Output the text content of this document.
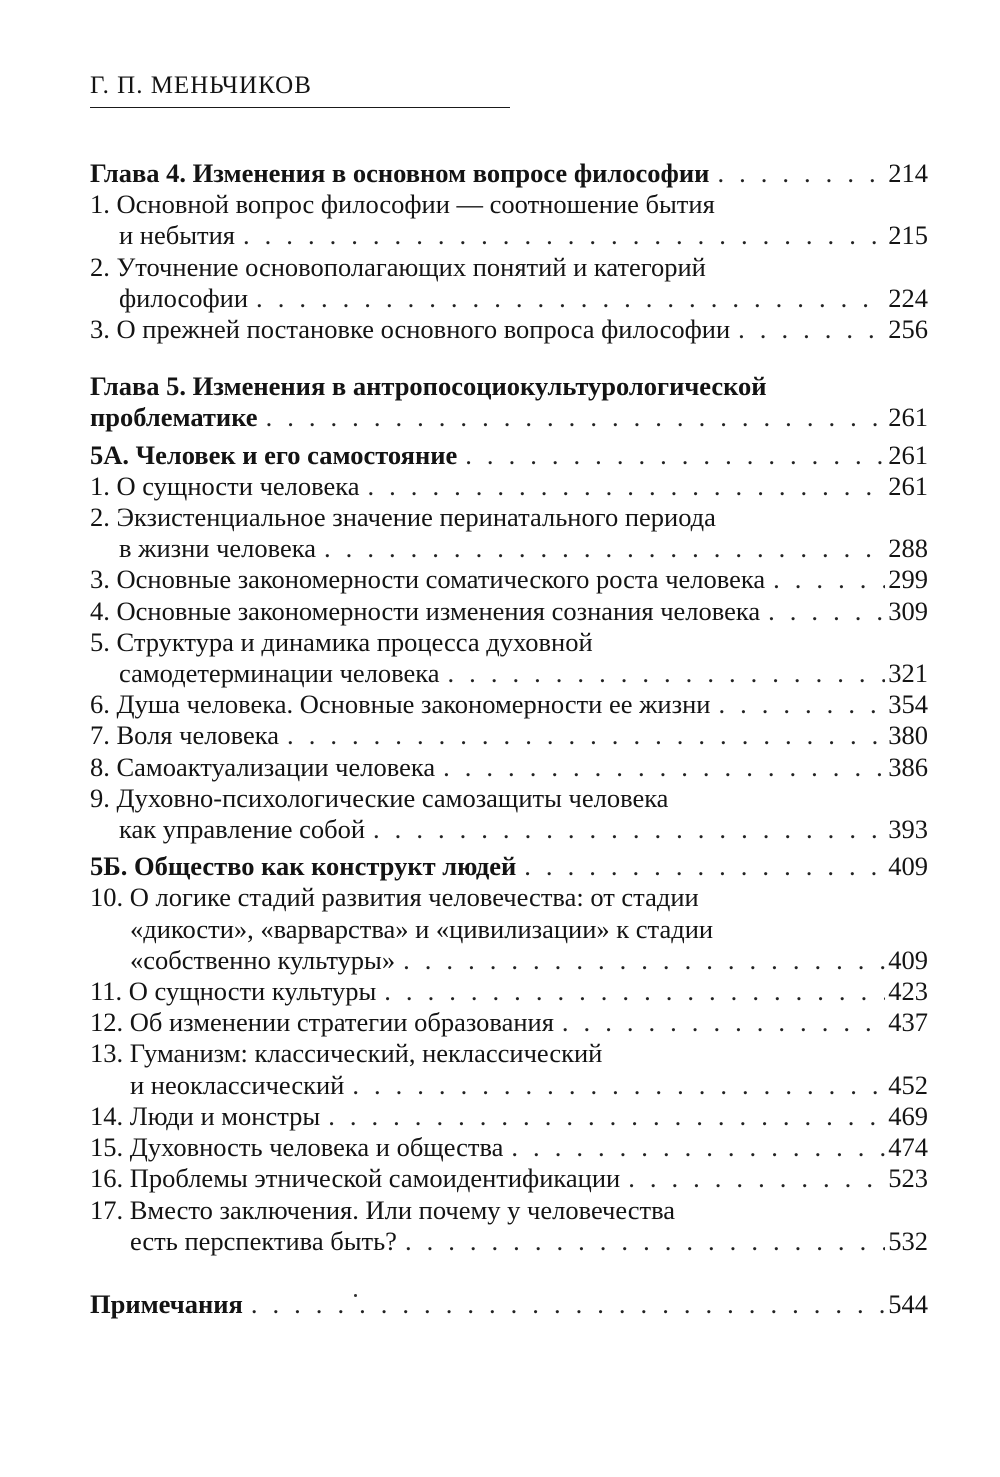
Г. П. МЕНЬЧИКОВ
Глава 4. Изменения в основном вопросе философии . . .	214
1. Основной вопрос философии — соотношение бытия
и небытия . . .	215
2. Уточнение основополагающих понятий и категорий
философии . . .	224
3. О прежней постановке основного вопроса философии . . .	256
Глава 5. Изменения в антропосоциокультурологической
проблематике . . .	261
5А. Человек и его самостояние . . .	261
1. О сущности человека . . .	261
2. Экзистенциальное значение перинатального периода
в жизни человека . . .	288
3. Основные закономерности соматического роста человека . . .	299
4. Основные закономерности изменения сознания человека . . .	309
5. Структура и динамика процесса духовной
самодетерминации человека . . .	321
6. Душа человека. Основные закономерности ее жизни . . .	354
7. Воля человека . . .	380
8. Самоактуализации человека . . .	386
9. Духовно-психологические самозащиты человека
как управление собой . . .	393
5Б. Общество как конструкт людей . . .	409
10. О логике стадий развития человечества: от стадии
«дикости», «варварства» и «цивилизации» к стадии
«собственно культуры» . . .	409
11. О сущности культуры . . .	423
12. Об изменении стратегии образования . . .	437
13. Гуманизм: классический, неклассический
и неоклассический . . .	452
14. Люди и монстры . . .	469
15. Духовность человека и общества . . .	474
16. Проблемы этнической самоидентификации . . .	523
17. Вместо заключения. Или почему у человечества
есть перспектива быть? . . .	532
Примечания . . .	544
